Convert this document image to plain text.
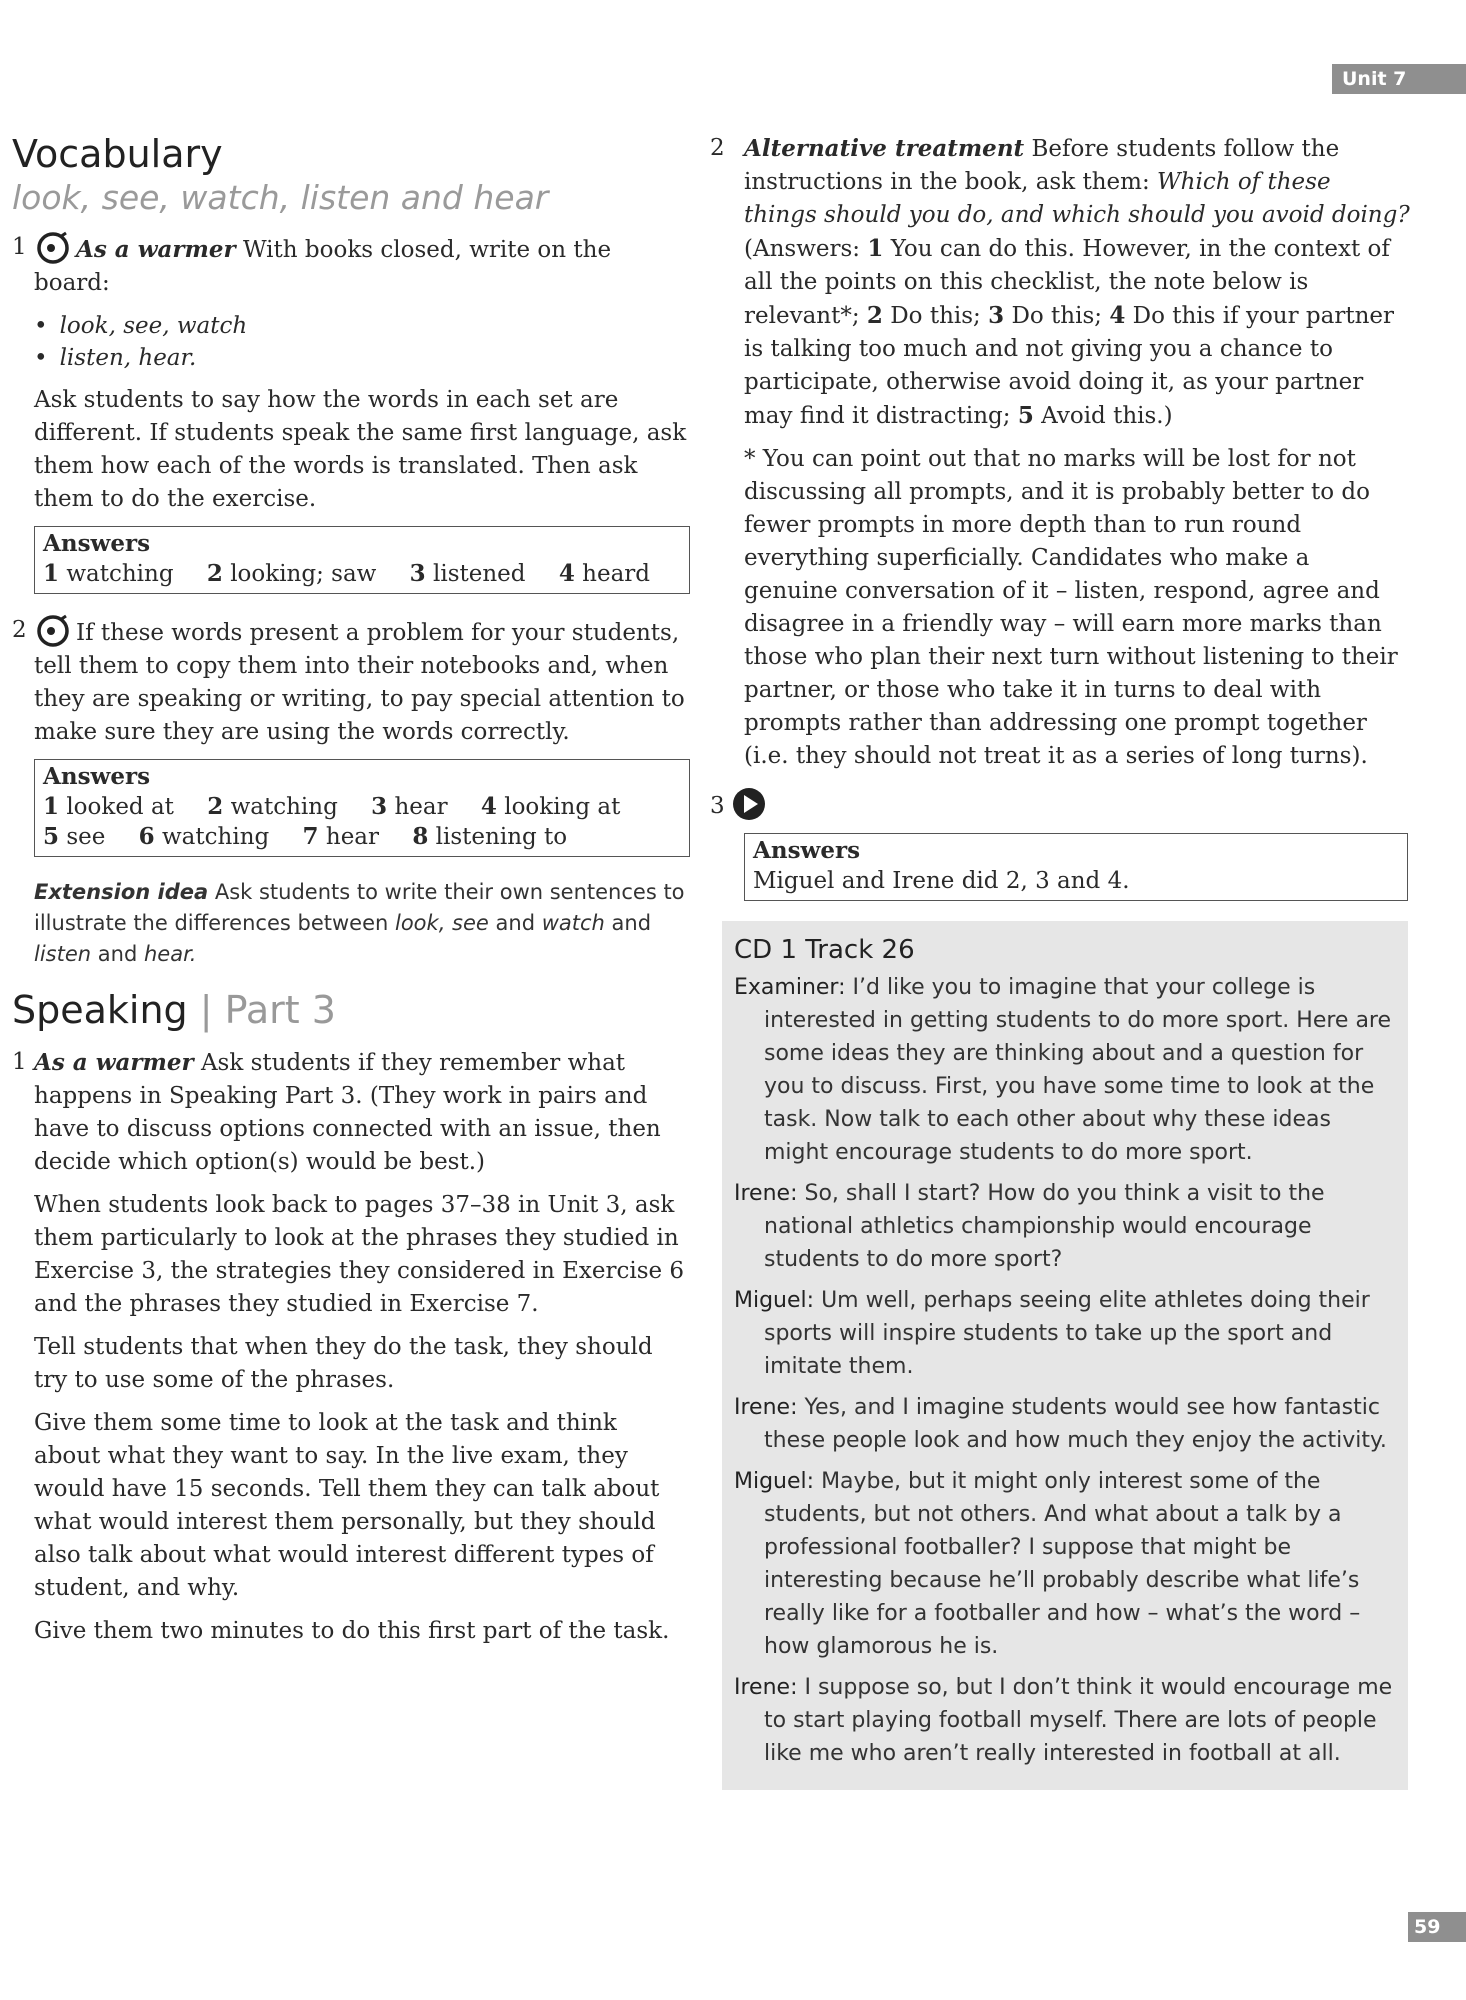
Unit 7
Vocabulary
look, see, watch, listen and hear
1 As a warmer With books closed, write on the board:
• look, see, watch
• listen, hear.

Ask students to say how the words in each set are different. If students speak the same first language, ask them how each of the words is translated. Then ask them to do the exercise.

Answers
1 watching 2 looking; saw 3 listened 4 heard
2 If these words present a problem for your students, tell them to copy them into their notebooks and, when they are speaking or writing, to pay special attention to make sure they are using the words correctly.
Answers
1 looked at 2 watching 3 hear 4 looking at
5 see 6 watching 7 hear 8 listening to
Extension idea Ask students to write their own sentences to illustrate the differences between look, see and watch and listen and hear.
Speaking | Part 3
1 As a warmer Ask students if they remember what happens in Speaking Part 3. (They work in pairs and have to discuss options connected with an issue, then decide which option(s) would be best.)

When students look back to pages 37–38 in Unit 3, ask them particularly to look at the phrases they studied in Exercise 3, the strategies they considered in Exercise 6 and the phrases they studied in Exercise 7.

Tell students that when they do the task, they should try to use some of the phrases.

Give them some time to look at the task and think about what they want to say. In the live exam, they would have 15 seconds. Tell them they can talk about what would interest them personally, but they should also talk about what would interest different types of student, and why.

Give them two minutes to do this first part of the task.

2 Alternative treatment Before students follow the instructions in the book, ask them: Which of these things should you do, and which should you avoid doing? (Answers: 1 You can do this. However, in the context of all the points on this checklist, the note below is relevant*; 2 Do this; 3 Do this; 4 Do this if your partner is talking too much and not giving you a chance to participate, otherwise avoid doing it, as your partner may find it distracting; 5 Avoid this.)

* You can point out that no marks will be lost for not discussing all prompts, and it is probably better to do fewer prompts in more depth than to run round everything superficially. Candidates who make a genuine conversation of it – listen, respond, agree and disagree in a friendly way – will earn more marks than those who plan their next turn without listening to their partner, or those who take it in turns to deal with prompts rather than addressing one prompt together (i.e. they should not treat it as a series of long turns).

3
Answers
Miguel and Irene did 2, 3 and 4.
CD 1 Track 26

Examiner: I’d like you to imagine that your college is interested in getting students to do more sport. Here are some ideas they are thinking about and a question for you to discuss. First, you have some time to look at the task. Now talk to each other about why these ideas might encourage students to do more sport.

Irene: So, shall I start? How do you think a visit to the national athletics championship would encourage students to do more sport?

Miguel: Um well, perhaps seeing elite athletes doing their sports will inspire students to take up the sport and imitate them.

Irene: Yes, and I imagine students would see how fantastic these people look and how much they enjoy the activity.

Miguel: Maybe, but it might only interest some of the students, but not others. And what about a talk by a professional footballer? I suppose that might be interesting because he’ll probably describe what life’s really like for a footballer and how – what’s the word – how glamorous he is.

Irene: I suppose so, but I don’t think it would encourage me to start playing football myself. There are lots of people like me who aren’t really interested in football at all.

59
